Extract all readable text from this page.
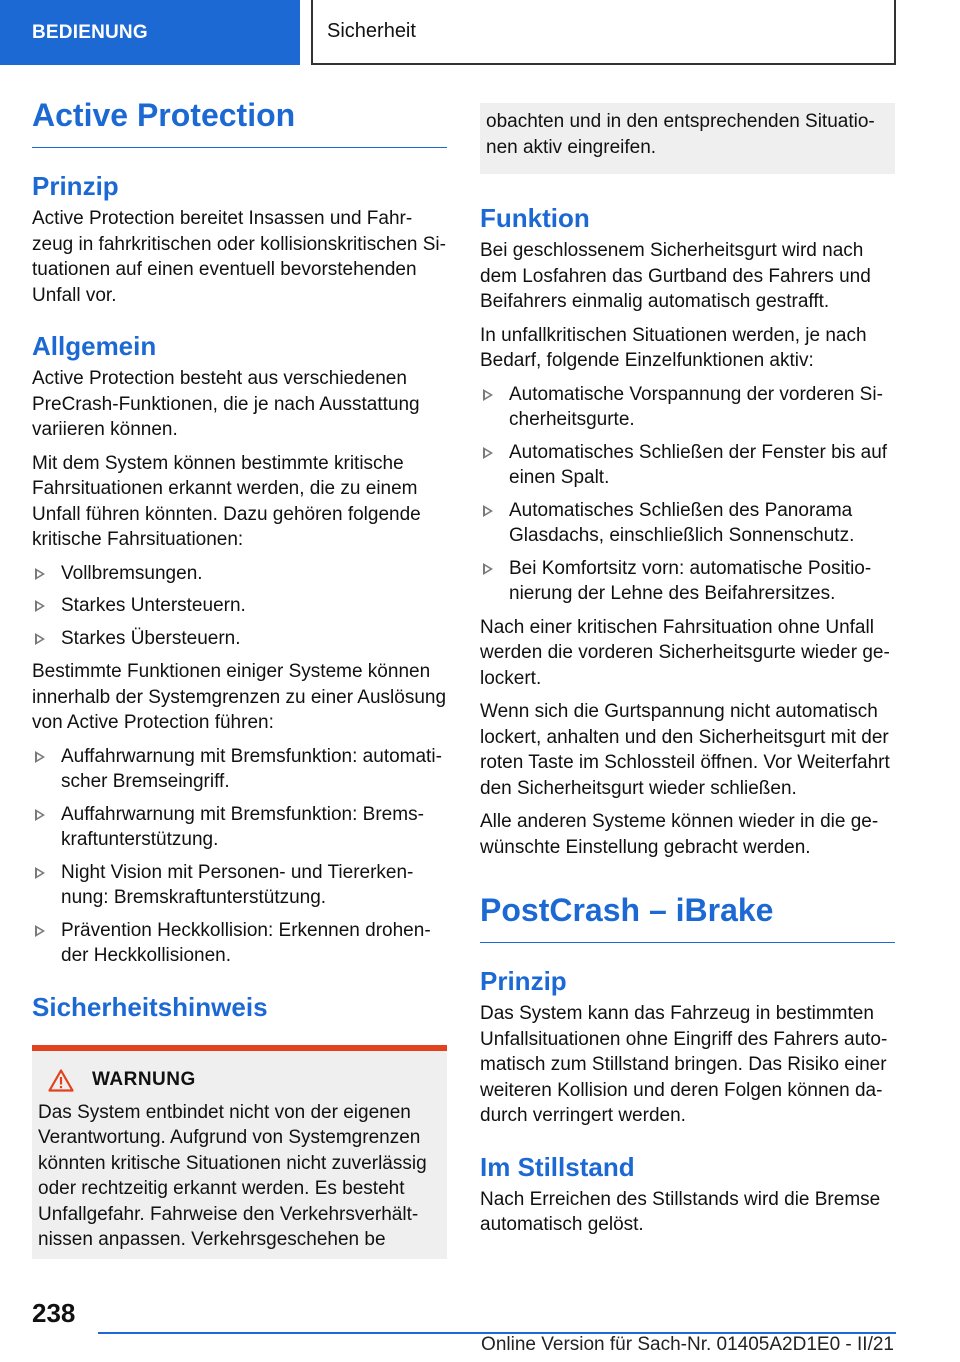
BEDIENUNG	Sicherheit
Active Protection
Prinzip

Active Protection bereitet Insassen und Fahrzeug in fahrkritischen oder kollisionskritischen Situationen auf einen eventuell bevorstehenden Unfall vor.

Allgemein

Active Protection besteht aus verschiedenen PreCrash-Funktionen, die je nach Ausstattung variieren können.

Mit dem System können bestimmte kritische Fahrsituationen erkannt werden, die zu einem Unfall führen könnten. Dazu gehören folgende kritische Fahrsituationen:

Vollbremsungen.
Starkes Untersteuern.
Starkes Übersteuern.

Bestimmte Funktionen einiger Systeme können innerhalb der Systemgrenzen zu einer Auslösung von Active Protection führen:

Auffahrwarnung mit Bremsfunktion: automatischer Bremseingriff.
Auffahrwarnung mit Bremsfunktion: Bremskraftunterstützung.
Night Vision mit Personen- und Tiererkennung: Bremskraftunterstützung.
Prävention Heckkollision: Erkennen drohender Heckkollisionen.
Sicherheitshinweis
WARNUNG

Das System entbindet nicht von der eigenen Verantwortung. Aufgrund von Systemgrenzen könnten kritische Situationen nicht zuverlässig oder rechtzeitig erkannt werden. Es besteht Unfallgefahr. Fahrweise den Verkehrsverhältnissen anpassen. Verkehrsgeschehen be

obachten und in den entsprechenden Situationen aktiv eingreifen.

Funktion

Bei geschlossenem Sicherheitsgurt wird nach dem Losfahren das Gurtband des Fahrers und Beifahrers einmalig automatisch gestrafft.

In unfallkritischen Situationen werden, je nach Bedarf, folgende Einzelfunktionen aktiv:

Automatische Vorspannung der vorderen Sicherheitsgurte.
Automatisches Schließen der Fenster bis auf einen Spalt.
Automatisches Schließen des Panorama Glasdachs, einschließlich Sonnenschutz.
Bei Komfortsitz vorn: automatische Positionierung der Lehne des Beifahrersitzes.

Nach einer kritischen Fahrsituation ohne Unfall werden die vorderen Sicherheitsgurte wieder gelockert.

Wenn sich die Gurtspannung nicht automatisch lockert, anhalten und den Sicherheitsgurt mit der roten Taste im Schlossteil öffnen. Vor Weiterfahrt den Sicherheitsgurt wieder schließen.

Alle anderen Systeme können wieder in die gewünschte Einstellung gebracht werden.

PostCrash – iBrake
Prinzip

Das System kann das Fahrzeug in bestimmten Unfallsituationen ohne Eingriff des Fahrers automatisch zum Stillstand bringen. Das Risiko einer weiteren Kollision und deren Folgen können dadurch verringert werden.

Im Stillstand

Nach Erreichen des Stillstands wird die Bremse automatisch gelöst.

238
Online Version für Sach-Nr. 01405A2D1E0 - II/21
